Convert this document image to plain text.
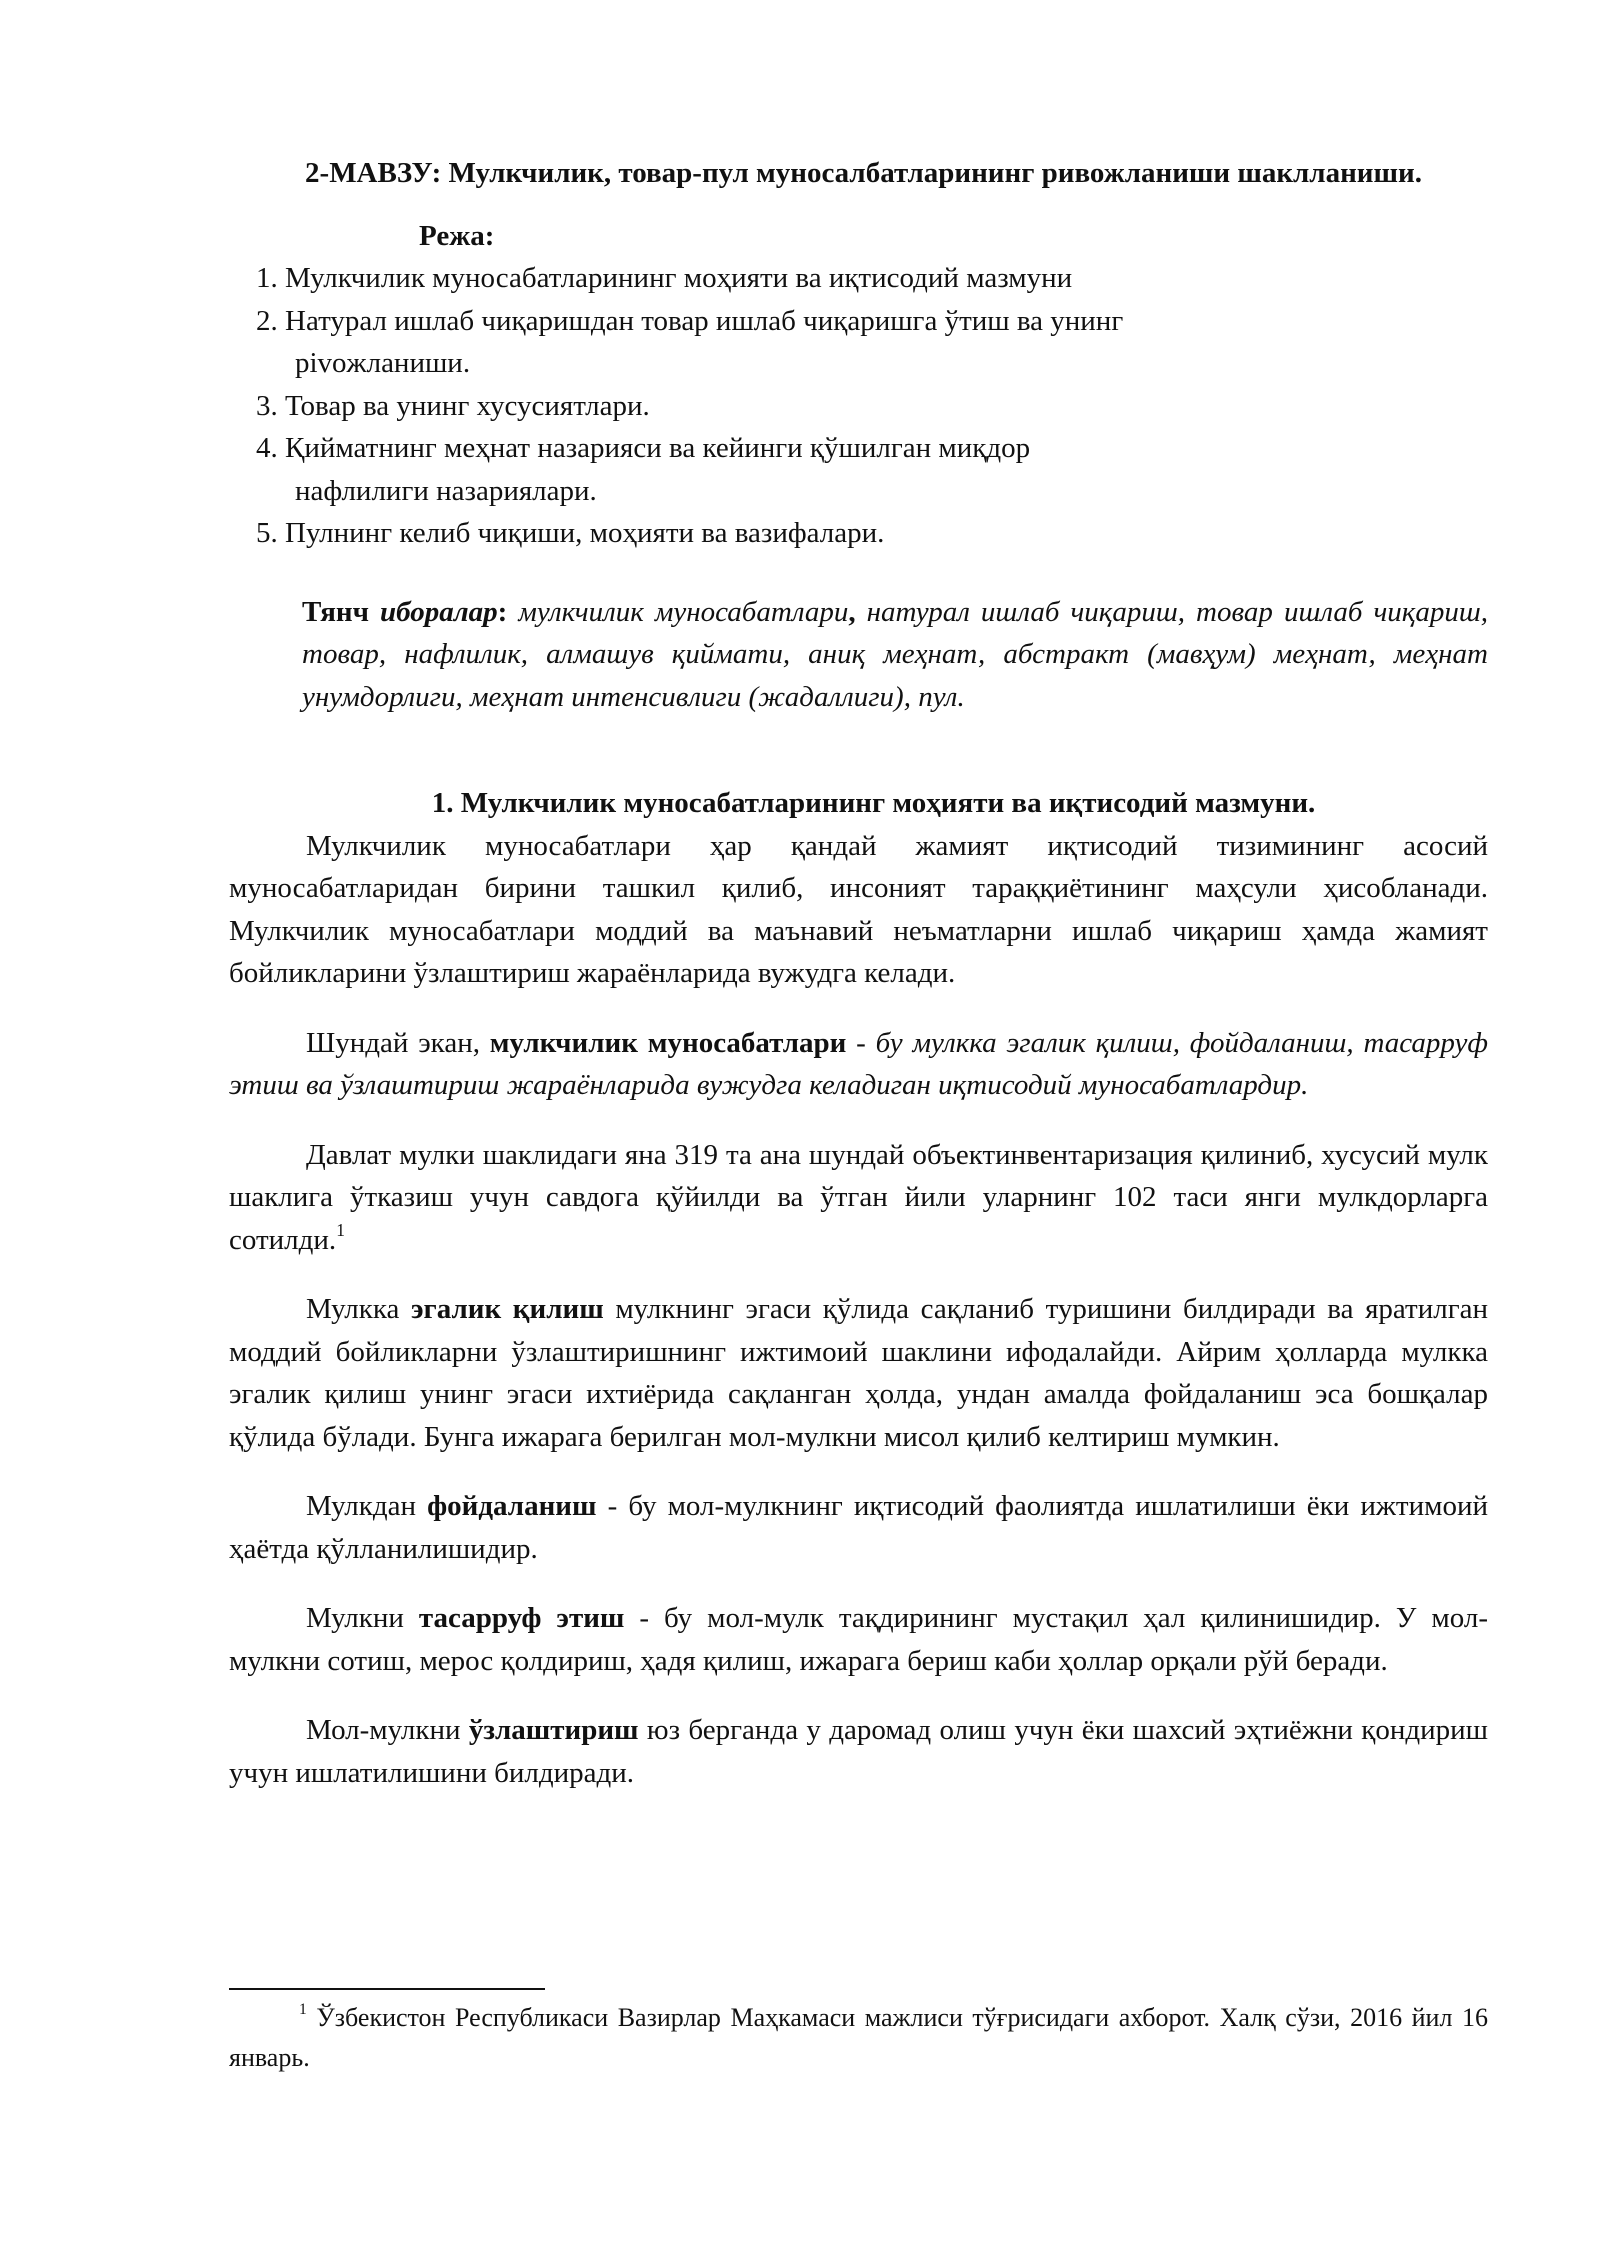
2-МАВЗУ: Мулкчилик, товар-пул муносалбатларининг ривожланиши шаклланиши.

Режа:

1. Мулкчилик муносабатларининг моҳияти ва иқтисодий мазмуни
2. Натурал ишлаб чиқаришдан товар ишлаб чиқаришга ўтиш ва унинг
рivoжланиши.
3. Товар ва унинг хусусиятлари.
4. Қийматнинг меҳнат назарияси ва кейинги қўшилган миқдор
нафлилиги назариялари.
5. Пулнинг келиб чиқиши, моҳияти ва вазифалари.

Тянч иборалар: мулкчилик муносабатлари, натурал ишлаб чиқариш, товар ишлаб чиқариш, товар, нафлилик, алмашув қиймати, аниқ меҳнат, абстракт (мавҳум) меҳнат, меҳнат унумдорлиги, меҳнат интенсивлиги (жадаллиги), пул.

1. Мулкчилик муносабатларининг моҳияти ва иқтисодий мазмуни.

Мулкчилик муносабатлари ҳар қандай жамият иқтисодий тизимининг асосий муносабатларидан бирини ташкил қилиб, инсоният тараққиётининг маҳсули ҳисобланади. Мулкчилик муносабатлари моддий ва маънавий неъматларни ишлаб чиқариш ҳамда жамият бойликларини ўзлаштириш жараёнларида вужудга келади.

Шундай экан, мулкчилик муносабатлари - бу мулкка эгалик қилиш, фойдаланиш, тасарруф этиш ва ўзлаштириш жараёнларида вужудга келадиган иқтисодий муносабатлардир.

Давлат мулки шаклидаги яна 319 та ана шундай объектинвентаризация қилиниб, хусусий мулк шаклига ўтказиш учун савдога қўйилди ва ўтган йили уларнинг 102 таси янги мулкдорларга сотилди.$^1$

Мулкка эгалик қилиш мулкнинг эгаси қўлида сақланиб туришини билдиради ва яратилган моддий бойликларни ўзлаштиришнинг ижтимоий шаклини ифодалайди. Айрим ҳолларда мулкка эгалик қилиш унинг эгаси ихтиёрида сақланган ҳолда, ундан амалда фойдаланиш эса бошқалар қўлида бўлади. Бунга ижарага берилган мол-мулкни мисол қилиб келтириш мумкин.

Мулкдан фойдаланиш - бу мол-мулкнинг иқтисодий фаолиятда ишлатилиши ёки ижтимоий ҳаётда қўлланилишидир.

Мулкни тасарруф этиш - бу мол-мулк тақдирининг мустақил ҳал қилинишидир. У мол-мулкни сотиш, мерос қолдириш, ҳадя қилиш, ижарага бериш каби ҳоллар орқали рўй беради.

Мол-мулкни ўзлаштириш юз берганда у даромад олиш учун ёки шахсий эҳтиёжни қондириш учун ишлатилишини билдиради.

$^1$ Ўзбекистон Республикаси Вазирлар Маҳкамаси мажлиси тўғрисидаги ахборот. Халқ сўзи, 2016 йил 16 январь.
